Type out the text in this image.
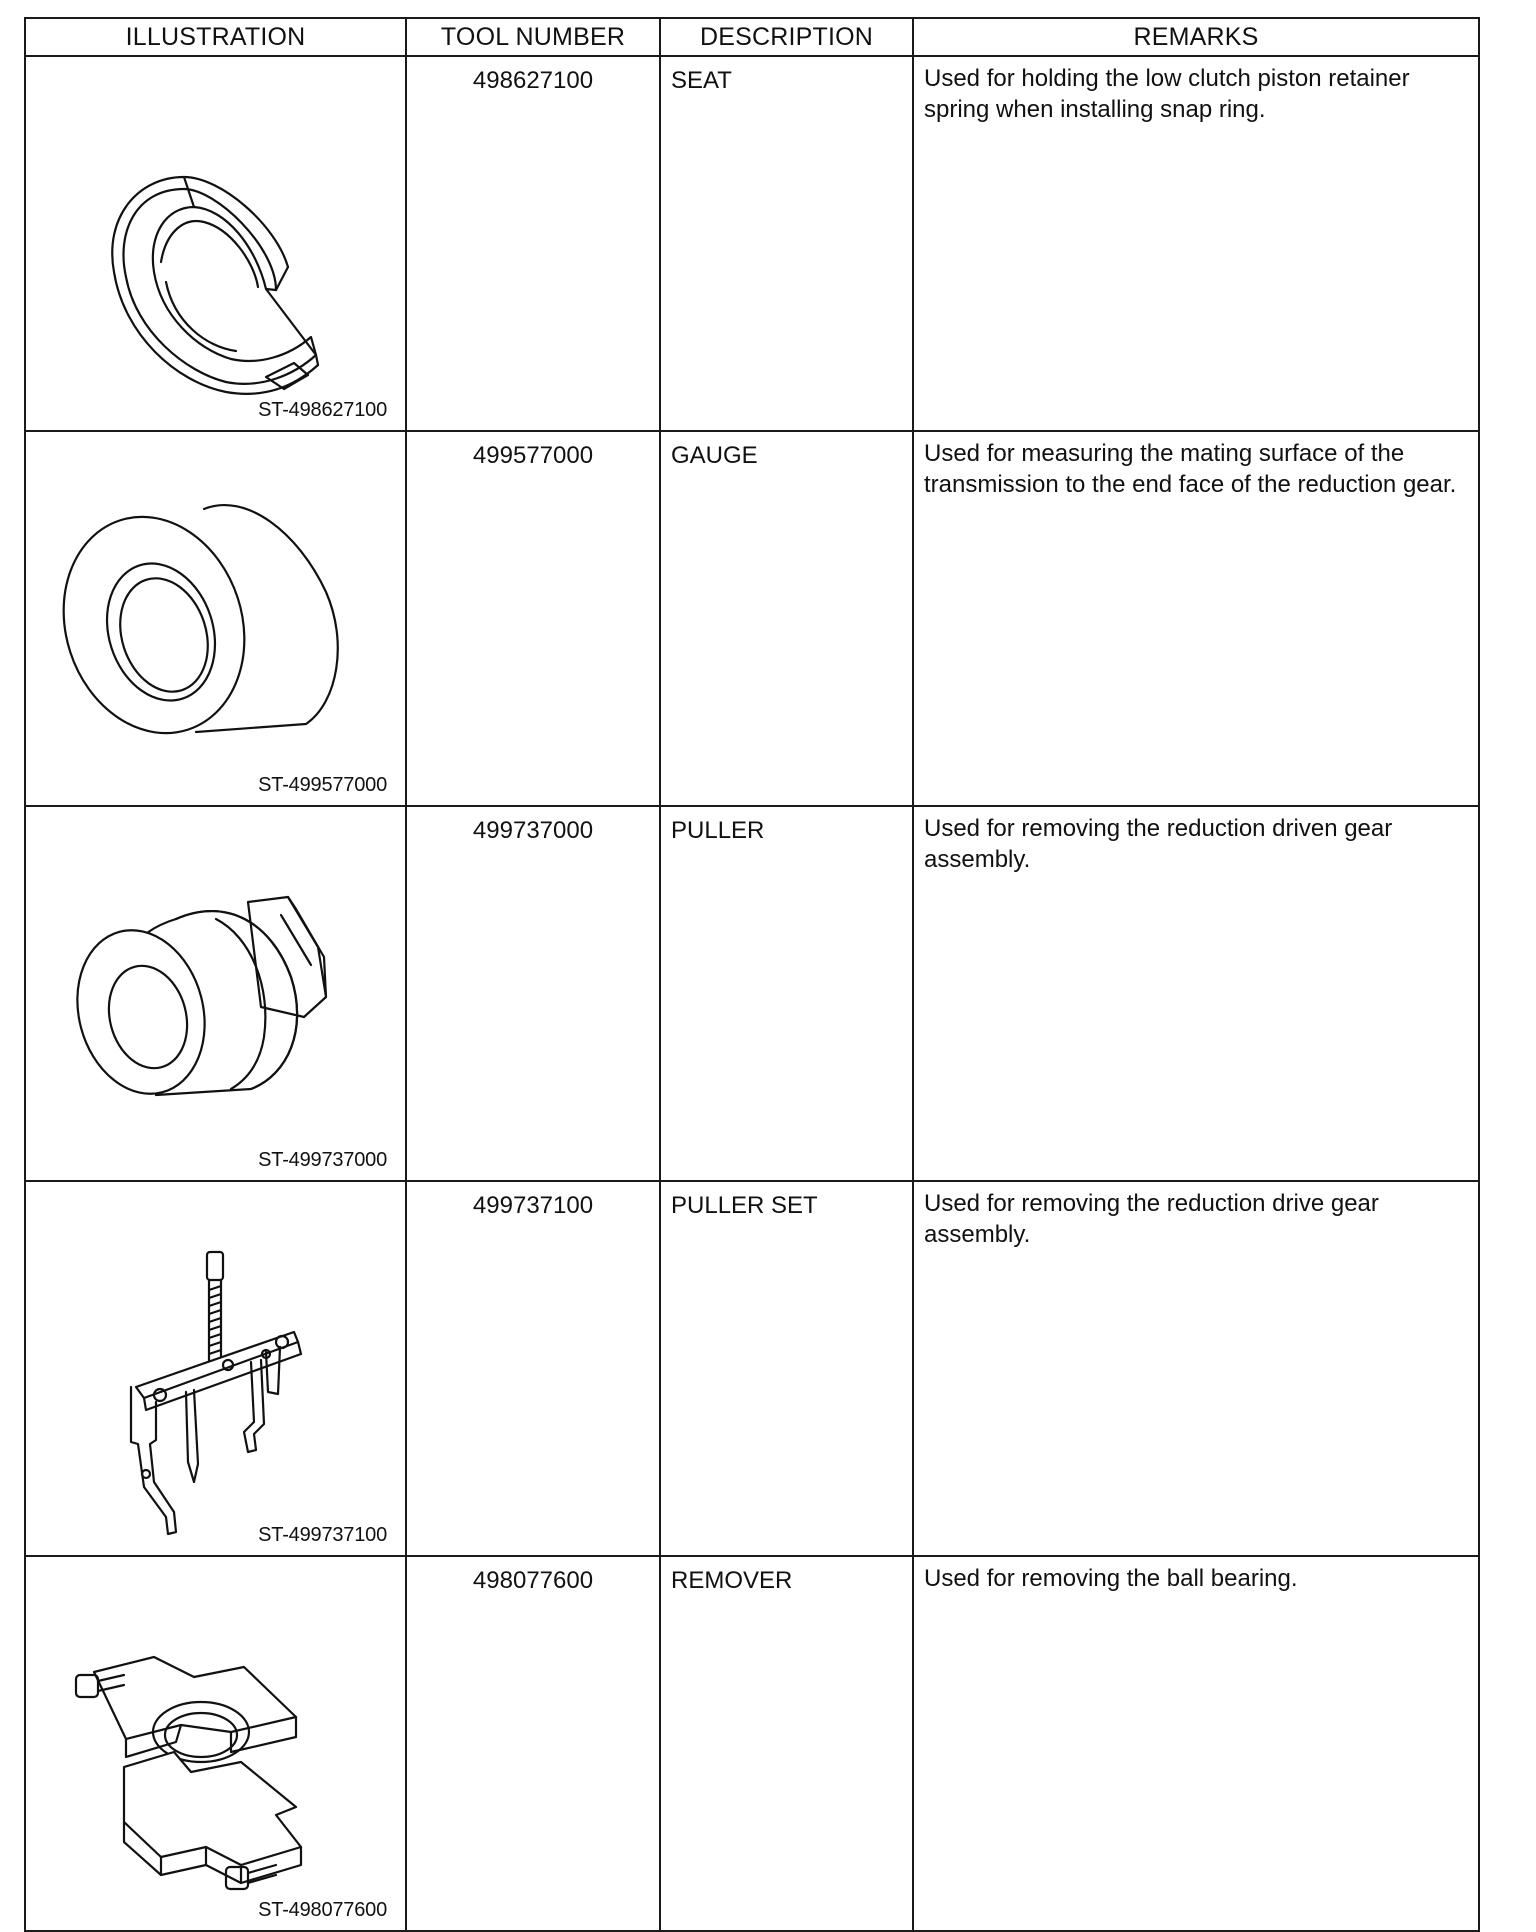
ILLUSTRATION	TOOL NUMBER	DESCRIPTION	REMARKS

ST-498627100	498627100	SEAT	Used for holding the low clutch piston retainer spring when installing snap ring.

ST-499577000	499577000	GAUGE	Used for measuring the mating surface of the transmission to the end face of the reduction gear.

ST-499737000	499737000	PULLER	Used for removing the reduction driven gear assembly.

ST-499737100	499737100	PULLER SET	Used for removing the reduction drive gear assembly.

ST-498077600	498077600	REMOVER	Used for removing the ball bearing.
